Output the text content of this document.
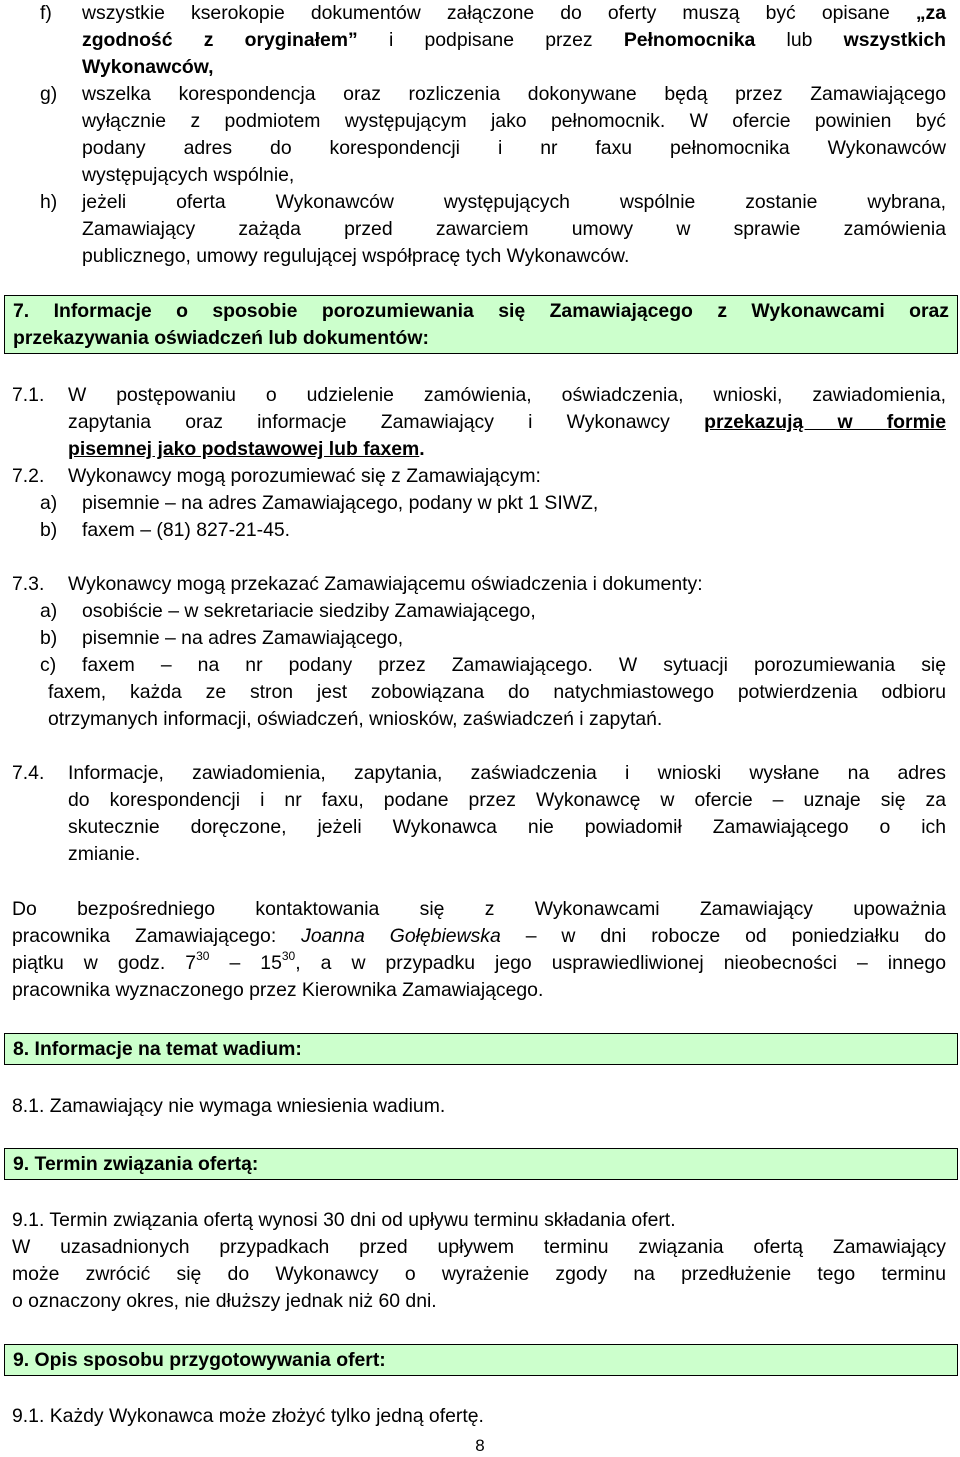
f) wszystkie kserokopie dokumentów załączone do oferty muszą być opisane „za
zgodność z oryginałem” i podpisane przez Pełnomocnika lub wszystkich
Wykonawców,
g) wszelka korespondencja oraz rozliczenia dokonywane będą przez Zamawiającego
wyłącznie z podmiotem występującym jako pełnomocnik. W ofercie powinien być
podany adres do korespondencji i nr faxu pełnomocnika Wykonawców
występujących wspólnie,
h) jeżeli oferta Wykonawców występujących wspólnie zostanie wybrana,
Zamawiający zażąda przed zawarciem umowy w sprawie zamówienia
publicznego, umowy regulującej współpracę tych Wykonawców.
7. Informacje o sposobie porozumiewania się Zamawiającego z Wykonawcami oraz
przekazywania oświadczeń lub dokumentów:
7.1. W postępowaniu o udzielenie zamówienia, oświadczenia, wnioski, zawiadomienia,
zapytania oraz informacje Zamawiający i Wykonawcy przekazują w formie
pisemnej jako podstawowej lub faxem.
7.2. Wykonawcy mogą porozumiewać się z Zamawiającym:
a) pisemnie – na adres Zamawiającego, podany w pkt 1 SIWZ,
b) faxem – (81) 827-21-45.
7.3. Wykonawcy mogą przekazać Zamawiającemu oświadczenia i dokumenty:
a) osobiście – w sekretariacie siedziby Zamawiającego,
b) pisemnie – na adres Zamawiającego,
c) faxem – na nr podany przez Zamawiającego. W sytuacji porozumiewania się
faxem, każda ze stron jest zobowiązana do natychmiastowego potwierdzenia odbioru
otrzymanych informacji, oświadczeń, wniosków, zaświadczeń i zapytań.
7.4. Informacje, zawiadomienia, zapytania, zaświadczenia i wnioski wysłane na adres
do korespondencji i nr faxu, podane przez Wykonawcę w ofercie – uznaje się za
skutecznie doręczone, jeżeli Wykonawca nie powiadomił Zamawiającego o ich
zmianie.
Do bezpośredniego kontaktowania się z Wykonawcami Zamawiający upoważnia
pracownika Zamawiającego: Joanna Gołębiewska – w dni robocze od poniedziałku do
piątku w godz. $7^{30} - 15^{30}$, a w przypadku jego usprawiedliwionej nieobecności – innego
pracownika wyznaczonego przez Kierownika Zamawiającego.
8. Informacje na temat wadium:
8.1. Zamawiający nie wymaga wniesienia wadium.
9. Termin związania ofertą:
9.1. Termin związania ofertą wynosi 30 dni od upływu terminu składania ofert.
W uzasadnionych przypadkach przed upływem terminu związania ofertą Zamawiający
może zwrócić się do Wykonawcy o wyrażenie zgody na przedłużenie tego terminu
o oznaczony okres, nie dłuższy jednak niż 60 dni.
9. Opis sposobu przygotowywania ofert:
9.1. Każdy Wykonawca może złożyć tylko jedną ofertę.
8
